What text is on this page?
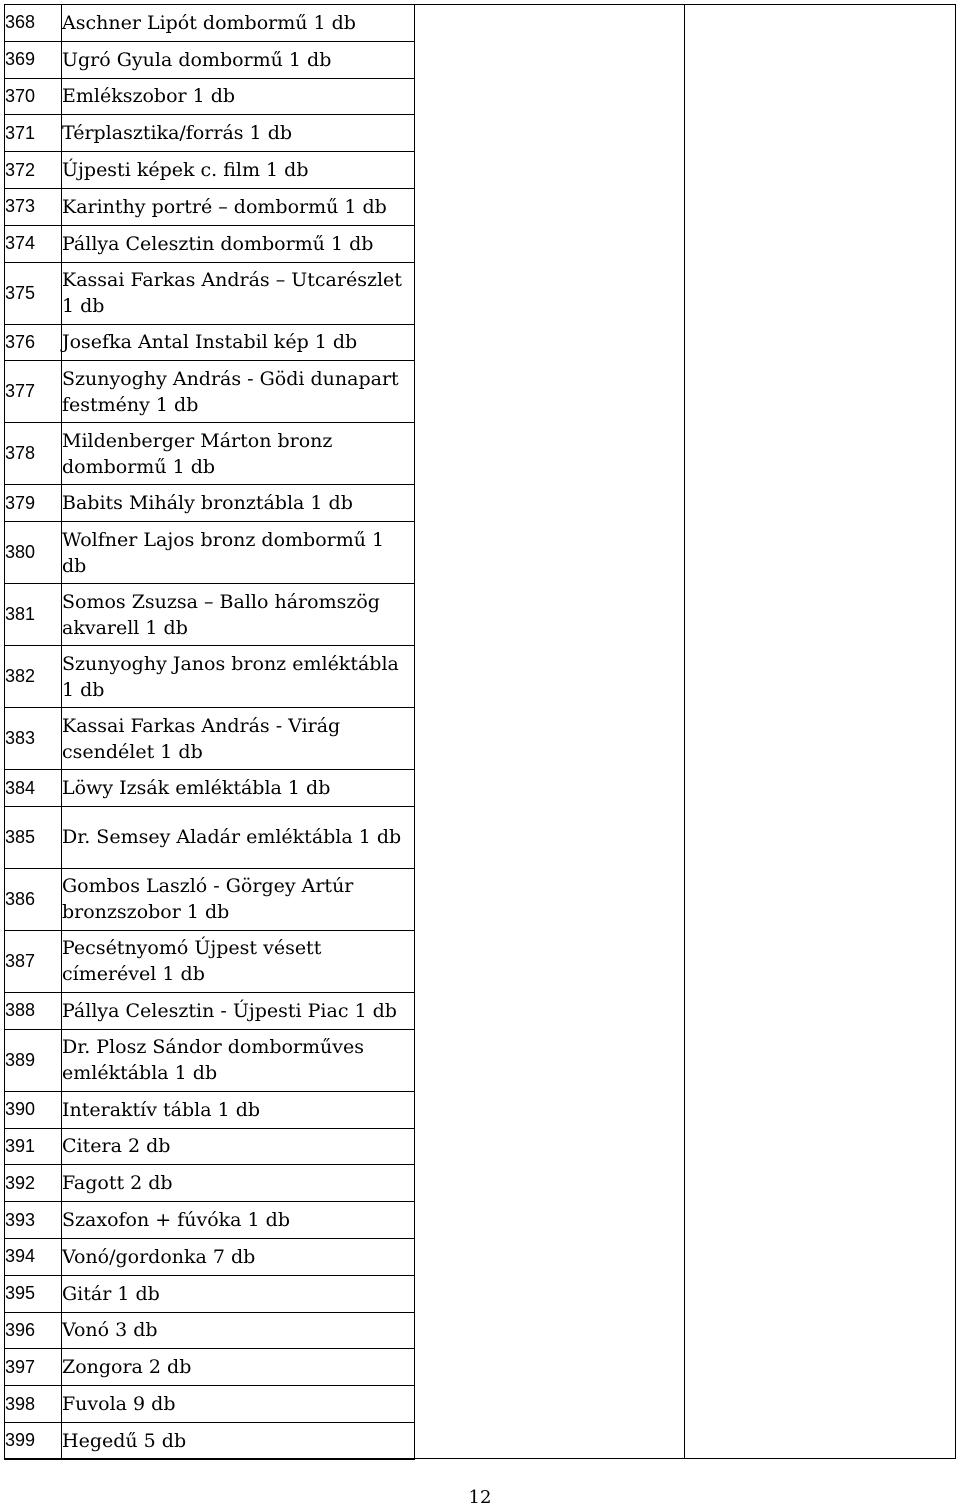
368	Aschner Lipót dombormű 1 db
369	Ugró Gyula dombormű 1 db
370	Emlékszobor 1 db
371	Térplasztika/forrás 1 db
372	Újpesti képek c. film 1 db
373	Karinthy portré – dombormű 1 db
374	Pállya Celesztin dombormű 1 db
375	Kassai Farkas András – Utcarészlet 1 db
376	Josefka Antal Instabil kép 1 db
377	Szunyoghy András - Gödi dunapart festmény 1 db
378	Mildenberger Márton bronz dombormű 1 db
379	Babits Mihály bronztábla 1 db
380	Wolfner Lajos bronz dombormű 1 db
381	Somos Zsuzsa – Ballo háromszög akvarell 1 db
382	Szunyoghy Janos bronz emléktábla 1 db
383	Kassai Farkas András - Virág csendélet 1 db
384	Löwy Izsák emléktábla 1 db
385	Dr. Semsey Aladár emléktábla 1 db
386	Gombos Laszló - Görgey Artúr bronzszobor 1 db
387	Pecsétnyomó Újpest vésett címerével 1 db
388	Pállya Celesztin - Újpesti Piac 1 db
389	Dr. Plosz Sándor domborműves emléktábla 1 db
390	Interaktív tábla 1 db
391	Citera 2 db
392	Fagott 2 db
393	Szaxofon + fúvóka 1 db
394	Vonó/gordonka 7 db
395	Gitár 1 db
396	Vonó 3 db
397	Zongora 2 db
398	Fuvola 9 db
399	Hegedű 5 db
12
